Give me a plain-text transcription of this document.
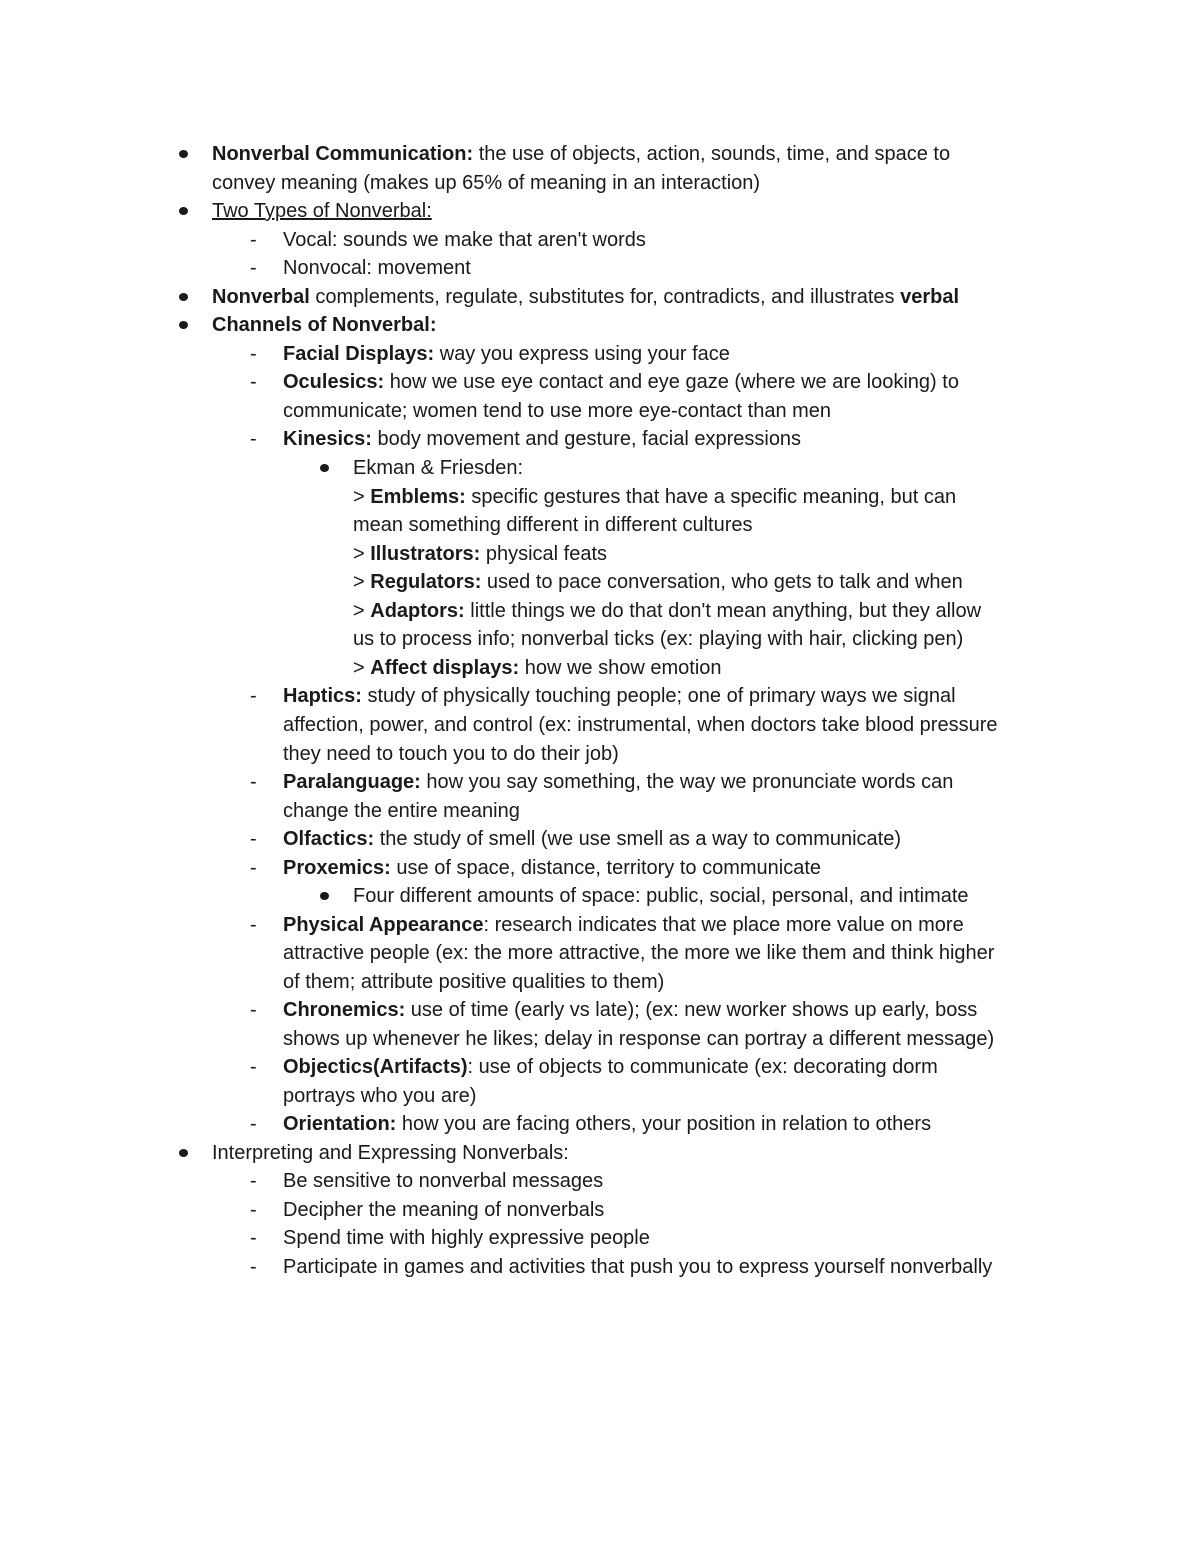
Nonverbal Communication: the use of objects, action, sounds, time, and space to
convey meaning (makes up 65% of meaning in an interaction)
Two Types of Nonverbal:
- Vocal: sounds we make that aren't words
- Nonvocal: movement
Nonverbal complements, regulate, substitutes for, contradicts, and illustrates verbal
Channels of Nonverbal:
- Facial Displays: way you express using your face
- Oculesics: how we use eye contact and eye gaze (where we are looking) to
communicate; women tend to use more eye-contact than men
- Kinesics: body movement and gesture, facial expressions
Ekman & Friesden:
> Emblems: specific gestures that have a specific meaning, but can
mean something different in different cultures
> Illustrators: physical feats
> Regulators: used to pace conversation, who gets to talk and when
> Adaptors: little things we do that don't mean anything, but they allow
us to process info; nonverbal ticks (ex: playing with hair, clicking pen)
> Affect displays: how we show emotion
- Haptics: study of physically touching people; one of primary ways we signal
affection, power, and control (ex: instrumental, when doctors take blood pressure
they need to touch you to do their job)
- Paralanguage: how you say something, the way we pronunciate words can
change the entire meaning
- Olfactics: the study of smell (we use smell as a way to communicate)
- Proxemics: use of space, distance, territory to communicate
Four different amounts of space: public, social, personal, and intimate
- Physical Appearance: research indicates that we place more value on more
attractive people (ex: the more attractive, the more we like them and think higher
of them; attribute positive qualities to them)
- Chronemics: use of time (early vs late); (ex: new worker shows up early, boss
shows up whenever he likes; delay in response can portray a different message)
- Objectics(Artifacts): use of objects to communicate (ex: decorating dorm
portrays who you are)
- Orientation: how you are facing others, your position in relation to others
Interpreting and Expressing Nonverbals:
- Be sensitive to nonverbal messages
- Decipher the meaning of nonverbals
- Spend time with highly expressive people
- Participate in games and activities that push you to express yourself nonverbally
